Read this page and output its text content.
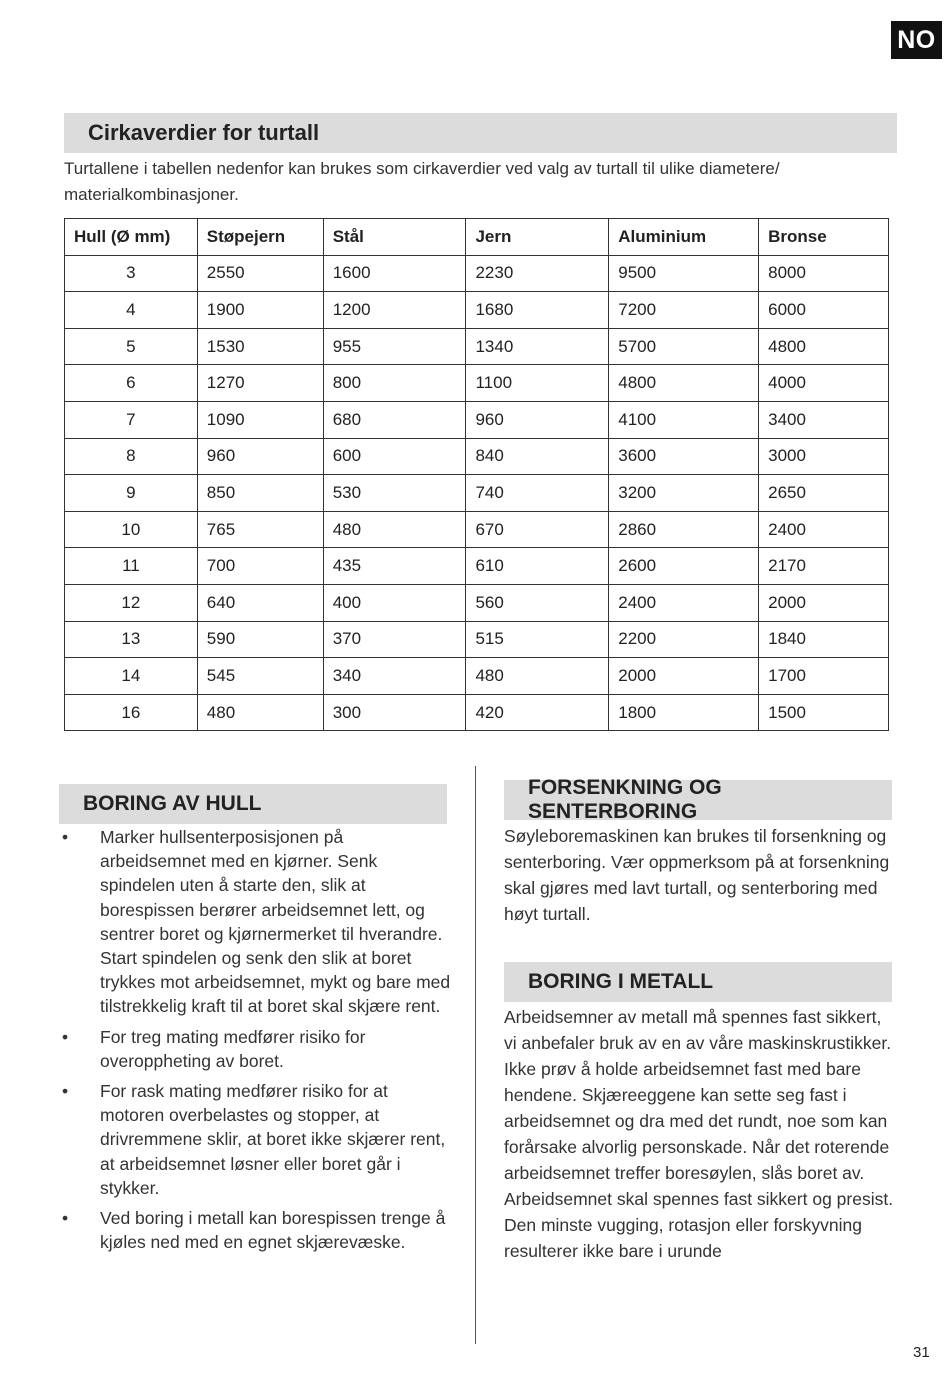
NO
Cirkaverdier for turtall

Turtallene i tabellen nedenfor kan brukes som cirkaverdier ved valg av turtall til ulike diametere/ materialkombinasjoner.

Hull (Ø mm)	Støpejern	Stål	Jern	Aluminium	Bronse
3	2550	1600	2230	9500	8000
4	1900	1200	1680	7200	6000
5	1530	955	1340	5700	4800
6	1270	800	1100	4800	4000
7	1090	680	960	4100	3400
8	960	600	840	3600	3000
9	850	530	740	3200	2650
10	765	480	670	2860	2400
11	700	435	610	2600	2170
12	640	400	560	2400	2000
13	590	370	515	2200	1840
14	545	340	480	2000	1700
16	480	300	420	1800	1500
BORING AV HULL
• Marker hullsenterposisjonen på arbeidsemnet med en kjørner. Senk spindelen uten å starte den, slik at borespissen berører arbeidsemnet lett, og sentrer boret og kjørnermerket til hverandre. Start spindelen og senk den slik at boret trykkes mot arbeidsemnet, mykt og bare med tilstrekkelig kraft til at boret skal skjære rent.
• For treg mating medfører risiko for overoppheting av boret.
• For rask mating medfører risiko for at motoren overbelastes og stopper, at drivremmene sklir, at boret ikke skjærer rent, at arbeidsemnet løsner eller boret går i stykker.
• Ved boring i metall kan borespissen trenge å kjøles ned med en egnet skjærevæske.
FORSENKNING OG SENTERBORING

Søyleboremaskinen kan brukes til forsenkning og senterboring. Vær oppmerksom på at forsenkning skal gjøres med lavt turtall, og senterboring med høyt turtall.

BORING I METALL

Arbeidsemner av metall må spennes fast sikkert, vi anbefaler bruk av en av våre maskinskrustikker. Ikke prøv å holde arbeidsemnet fast med bare hendene. Skjæreeggene kan sette seg fast i arbeidsemnet og dra med det rundt, noe som kan forårsake alvorlig personskade. Når det roterende arbeidsemnet treffer boresøylen, slås boret av. Arbeidsemnet skal spennes fast sikkert og presist. Den minste vugging, rotasjon eller forskyvning resulterer ikke bare i urunde

31
